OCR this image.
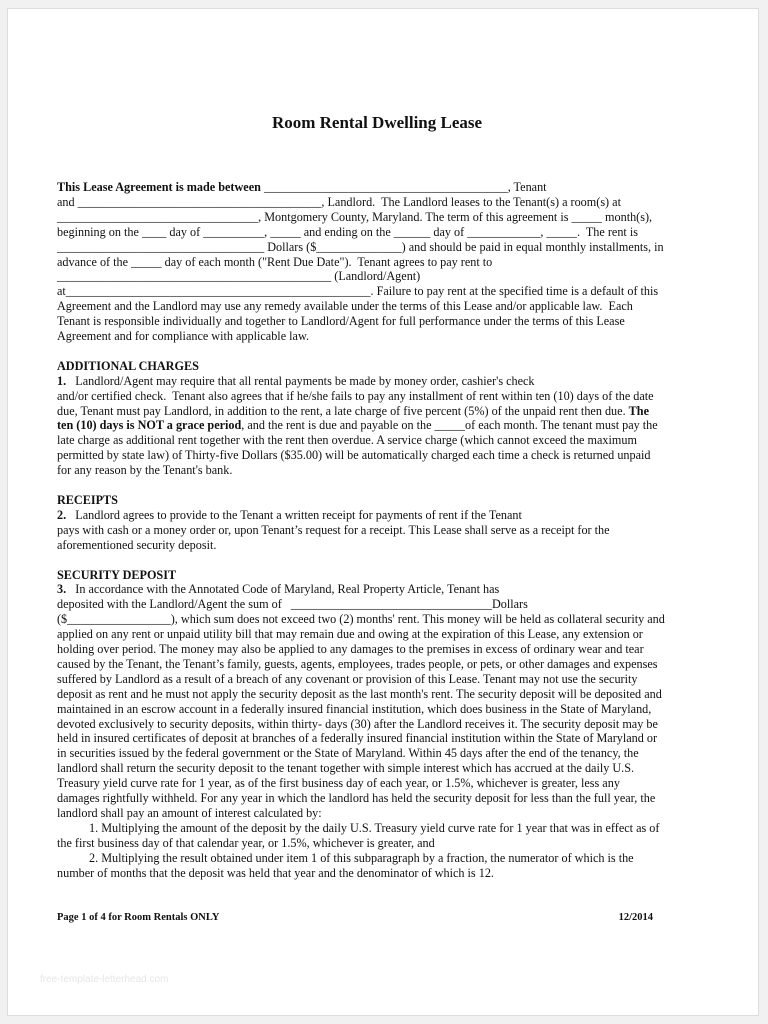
Room Rental Dwelling Lease

This Lease Agreement is made between ________________________________________, Tenant

and ________________________________________, Landlord.  The Landlord leases to the Tenant(s) a room(s) at

_________________________________, Montgomery County, Maryland. The term of this agreement is _____ month(s),

beginning on the ____ day of __________, _____ and ending on the ______ day of ____________, _____.  The rent is

__________________________________ Dollars ($______________) and should be paid in equal monthly installments, in

advance of the _____ day of each month ("Rent Due Date").  Tenant agrees to pay rent to

_____________________________________________ (Landlord/Agent)

at__________________________________________________. Failure to pay rent at the specified time is a default of this

Agreement and the Landlord may use any remedy available under the terms of this Lease and/or applicable law.  Each

Tenant is responsible individually and together to Landlord/Agent for full performance under the terms of this Lease

Agreement and for compliance with applicable law.

ADDITIONAL CHARGES

1.   Landlord/Agent may require that all rental payments be made by money order, cashier's check

and/or certified check.  Tenant also agrees that if he/she fails to pay any installment of rent within ten (10) days of the date

due, Tenant must pay Landlord, in addition to the rent, a late charge of five percent (5%) of the unpaid rent then due. The

ten (10) days is NOT a grace period, and the rent is due and payable on the _____of each month. The tenant must pay the

late charge as additional rent together with the rent then overdue. A service charge (which cannot exceed the maximum

permitted by state law) of Thirty-five Dollars ($35.00) will be automatically charged each time a check is returned unpaid

for any reason by the Tenant's bank.

RECEIPTS

2.   Landlord agrees to provide to the Tenant a written receipt for payments of rent if the Tenant

pays with cash or a money order or, upon Tenant’s request for a receipt. This Lease shall serve as a receipt for the

aforementioned security deposit.

SECURITY DEPOSIT

3.   In accordance with the Annotated Code of Maryland, Real Property Article, Tenant has

deposited with the Landlord/Agent the sum of   _________________________________Dollars

($_________________), which sum does not exceed two (2) months' rent. This money will be held as collateral security and

applied on any rent or unpaid utility bill that may remain due and owing at the expiration of this Lease, any extension or

holding over period. The money may also be applied to any damages to the premises in excess of ordinary wear and tear

caused by the Tenant, the Tenant’s family, guests, agents, employees, trades people, or pets, or other damages and expenses

suffered by Landlord as a result of a breach of any covenant or provision of this Lease. Tenant may not use the security

deposit as rent and he must not apply the security deposit as the last month's rent. The security deposit will be deposited and

maintained in an escrow account in a federally insured financial institution, which does business in the State of Maryland,

devoted exclusively to security deposits, within thirty- days (30) after the Landlord receives it. The security deposit may be

held in insured certificates of deposit at branches of a federally insured financial institution within the State of Maryland or

in securities issued by the federal government or the State of Maryland. Within 45 days after the end of the tenancy, the

landlord shall return the security deposit to the tenant together with simple interest which has accrued at the daily U.S.

Treasury yield curve rate for 1 year, as of the first business day of each year, or 1.5%, whichever is greater, less any

damages rightfully withheld. For any year in which the landlord has held the security deposit for less than the full year, the

landlord shall pay an amount of interest calculated by:

1. Multiplying the amount of the deposit by the daily U.S. Treasury yield curve rate for 1 year that was in effect as of

the first business day of that calendar year, or 1.5%, whichever is greater, and

2. Multiplying the result obtained under item 1 of this subparagraph by a fraction, the numerator of which is the

number of months that the deposit was held that year and the denominator of which is 12.

Page 1 of 4 for Room Rentals ONLY	12/2014
free-template-letterhead.com
